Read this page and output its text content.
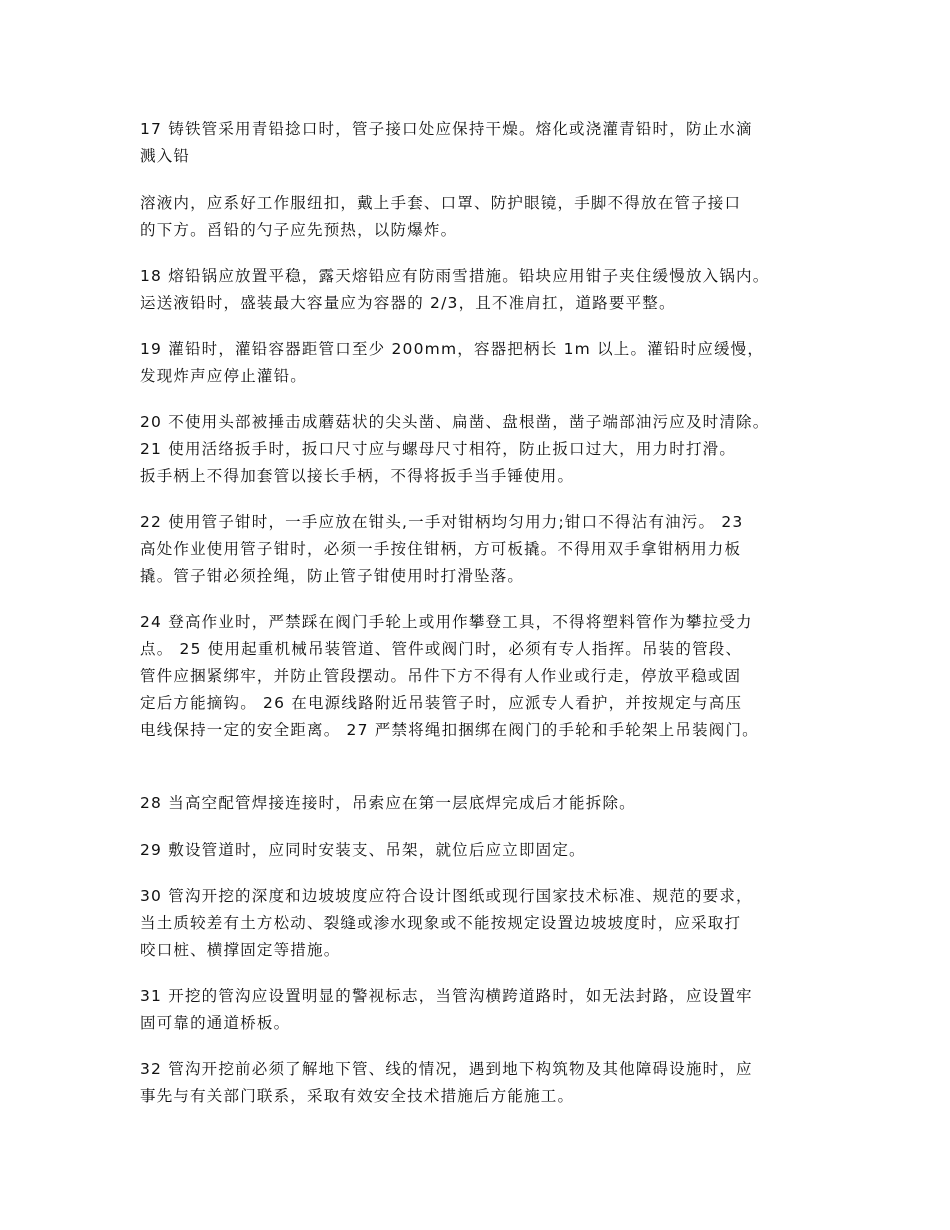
17 铸铁管采用青铅捻口时，管子接口处应保持干燥。熔化或浇灌青铅时，防止水滴

溅入铅

溶液内，应系好工作服纽扣，戴上手套、口罩、防护眼镜，手脚不得放在管子接口

的下方。舀铅的勺子应先预热，以防爆炸。

18 熔铅锅应放置平稳，露天熔铅应有防雨雪措施。铅块应用钳子夹住缓慢放入锅内。

运送液铅时，盛装最大容量应为容器的 2/3，且不准肩扛，道路要平整。

19 灌铅时，灌铅容器距管口至少 200mm，容器把柄长 1m 以上。灌铅时应缓慢，

发现炸声应停止灌铅。

20 不使用头部被捶击成蘑菇状的尖头凿、扁凿、盘根凿，凿子端部油污应及时清除。

21 使用活络扳手时，扳口尺寸应与螺母尺寸相符，防止扳口过大，用力时打滑。

扳手柄上不得加套管以接长手柄，不得将扳手当手锤使用。

22 使用管子钳时，一手应放在钳头,一手对钳柄均匀用力;钳口不得沾有油污。 23

高处作业使用管子钳时，必须一手按住钳柄，方可板撬。不得用双手拿钳柄用力板

撬。管子钳必须拴绳，防止管子钳使用时打滑坠落。

24 登高作业时，严禁踩在阀门手轮上或用作攀登工具，不得将塑料管作为攀拉受力

点。 25 使用起重机械吊装管道、管件或阀门时，必须有专人指挥。吊装的管段、

管件应捆紧绑牢，并防止管段摆动。吊件下方不得有人作业或行走，停放平稳或固

定后方能摘钩。 26 在电源线路附近吊装管子时，应派专人看护，并按规定与高压

电线保持一定的安全距离。 27 严禁将绳扣捆绑在阀门的手轮和手轮架上吊装阀门。

28 当高空配管焊接连接时，吊索应在第一层底焊完成后才能拆除。

29 敷设管道时，应同时安装支、吊架，就位后应立即固定。

30 管沟开挖的深度和边坡坡度应符合设计图纸或现行国家技术标准、规范的要求，

当土质较差有土方松动、裂缝或渗水现象或不能按规定设置边坡坡度时，应采取打

咬口桩、横撑固定等措施。

31 开挖的管沟应设置明显的警视标志，当管沟横跨道路时，如无法封路，应设置牢

固可靠的通道桥板。

32 管沟开挖前必须了解地下管、线的情况，遇到地下构筑物及其他障碍设施时，应

事先与有关部门联系，采取有效安全技术措施后方能施工。
